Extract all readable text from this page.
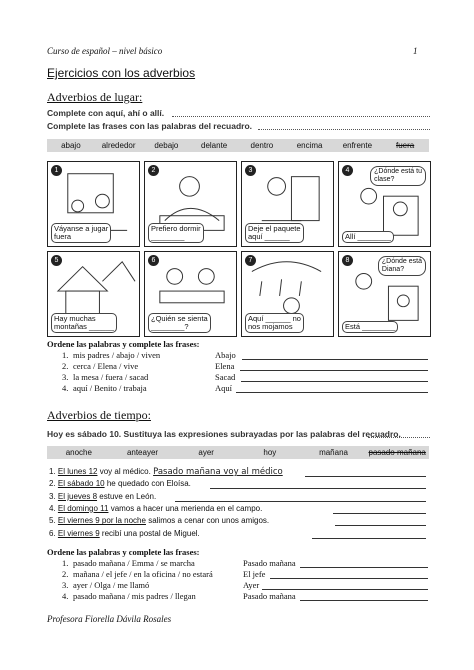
Curso de español – nivel básico	1
Ejercicios con los adverbios
Adverbios de lugar:
Complete con aquí, ahí o allí.
Complete las frases con las palabras del recuadro.
abajo	alrededor	debajo	delante	dentro	encima	enfrente	fuera
1
Váyanse a jugar
fuera
2
Prefiero dormir
________
3
Deje el paquete
aquí ______
4	¿Dónde está tu
clase?
Allí ________
5
Hay muchas
montañas ______
6
¿Quién se sienta
________?
7
Aquí ______ no
nos mojamos
8	¿Dónde está
Diana?
Está ________
Ordene las palabras y complete las frases:
1. mis padres / abajo / viven	Abajo
2. cerca / Elena / vive	Elena
3. la mesa / fuera / sacad	Sacad
4. aquí / Benito / trabaja	Aquí
Adverbios de tiempo:
Hoy es sábado 10. Sustituya las expresiones subrayadas por las palabras del recuadro.
anoche	anteayer	ayer	hoy	mañana	pasado mañana
1. El lunes 12 voy al médico. Pasado mañana voy al médico
2. El sábado 10 he quedado con Eloísa.
3. El jueves 8 estuve en León.
4. El domingo 11 vamos a hacer una merienda en el campo.
5. El viernes 9 por la noche salimos a cenar con unos amigos.
6. El viernes 9 recibí una postal de Miguel.
Ordene las palabras y complete las frases:
1. pasado mañana / Emma / se marcha	Pasado mañana
2. mañana / el jefe / en la oficina / no estará	El jefe
3. ayer / Olga / me llamó	Ayer
4. pasado mañana / mis padres / llegan	Pasado mañana
Profesora Fiorella Dávila Rosales
